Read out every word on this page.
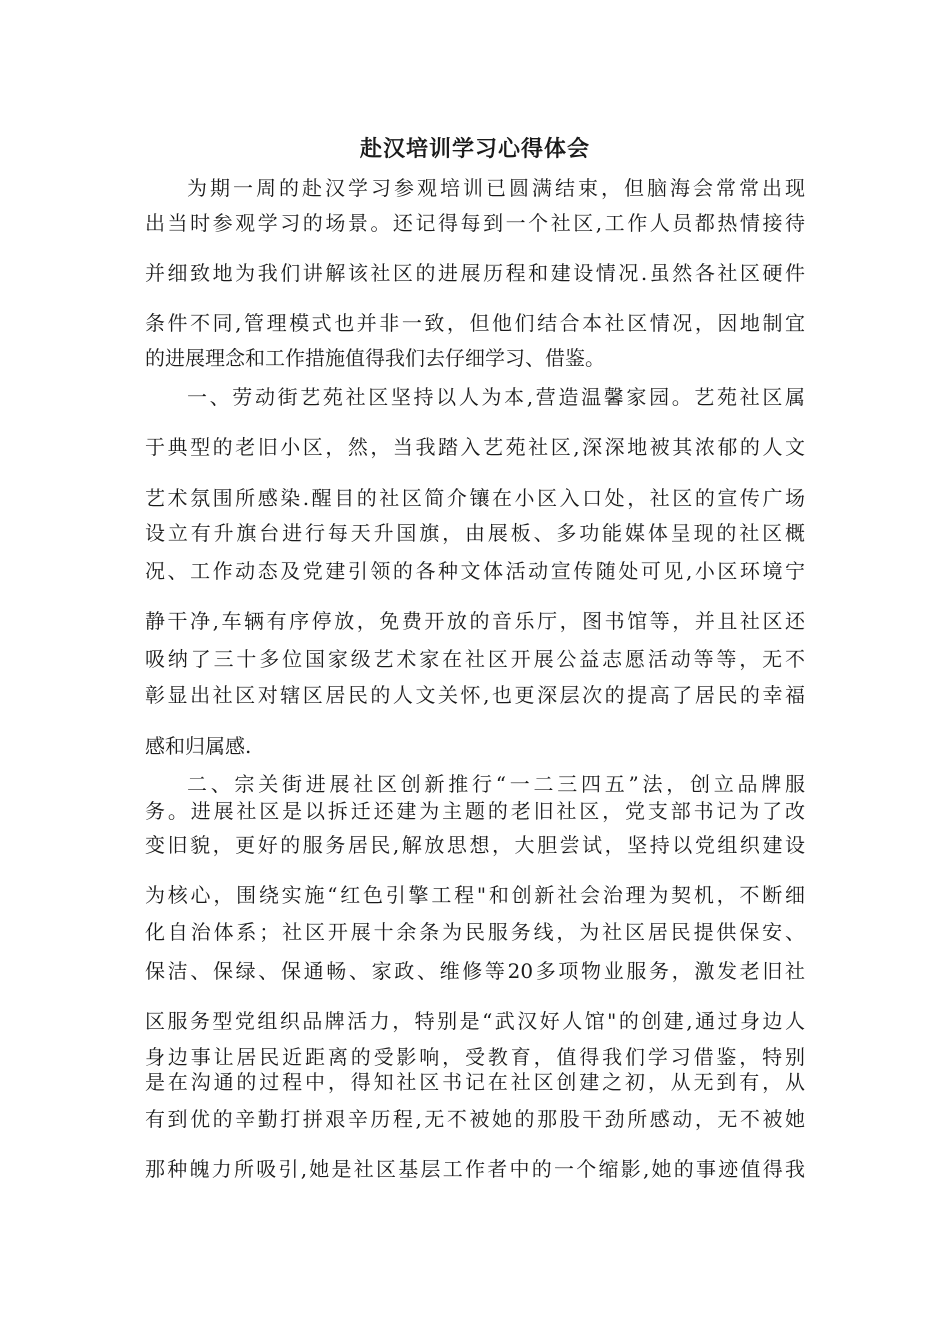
赴汉培训学习心得体会
为期一周的赴汉学习参观培训已圆满结束，但脑海会常常出现
出当时参观学习的场景。还记得每到一个社区,工作人员都热情接待
并细致地为我们讲解该社区的进展历程和建设情况.虽然各社区硬件
条件不同,管理模式也并非一致，但他们结合本社区情况，因地制宜
的进展理念和工作措施值得我们去仔细学习、借鉴。
一、劳动街艺苑社区坚持以人为本,营造温馨家园。艺苑社区属
于典型的老旧小区，然，当我踏入艺苑社区,深深地被其浓郁的人文
艺术氛围所感染.醒目的社区简介镶在小区入口处，社区的宣传广场
设立有升旗台进行每天升国旗，由展板、多功能媒体呈现的社区概
况、工作动态及党建引领的各种文体活动宣传随处可见,小区环境宁
静干净,车辆有序停放，免费开放的音乐厅，图书馆等，并且社区还
吸纳了三十多位国家级艺术家在社区开展公益志愿活动等等，无不
彰显出社区对辖区居民的人文关怀,也更深层次的提高了居民的幸福
感和归属感.
二、宗关街进展社区创新推行“一二三四五”法，创立品牌服
务。进展社区是以拆迁还建为主题的老旧社区，党支部书记为了改
变旧貌，更好的服务居民,解放思想，大胆尝试，坚持以党组织建设
为核心，围绕实施“红色引擎工程"和创新社会治理为契机，不断细
化自治体系；社区开展十余条为民服务线，为社区居民提供保安、
保洁、保绿、保通畅、家政、维修等20多项物业服务，激发老旧社
区服务型党组织品牌活力，特别是“武汉好人馆"的创建,通过身边人
身边事让居民近距离的受影响，受教育，值得我们学习借鉴，特别
是在沟通的过程中，得知社区书记在社区创建之初，从无到有，从
有到优的辛勤打拼艰辛历程,无不被她的那股干劲所感动，无不被她
那种魄力所吸引,她是社区基层工作者中的一个缩影,她的事迹值得我
